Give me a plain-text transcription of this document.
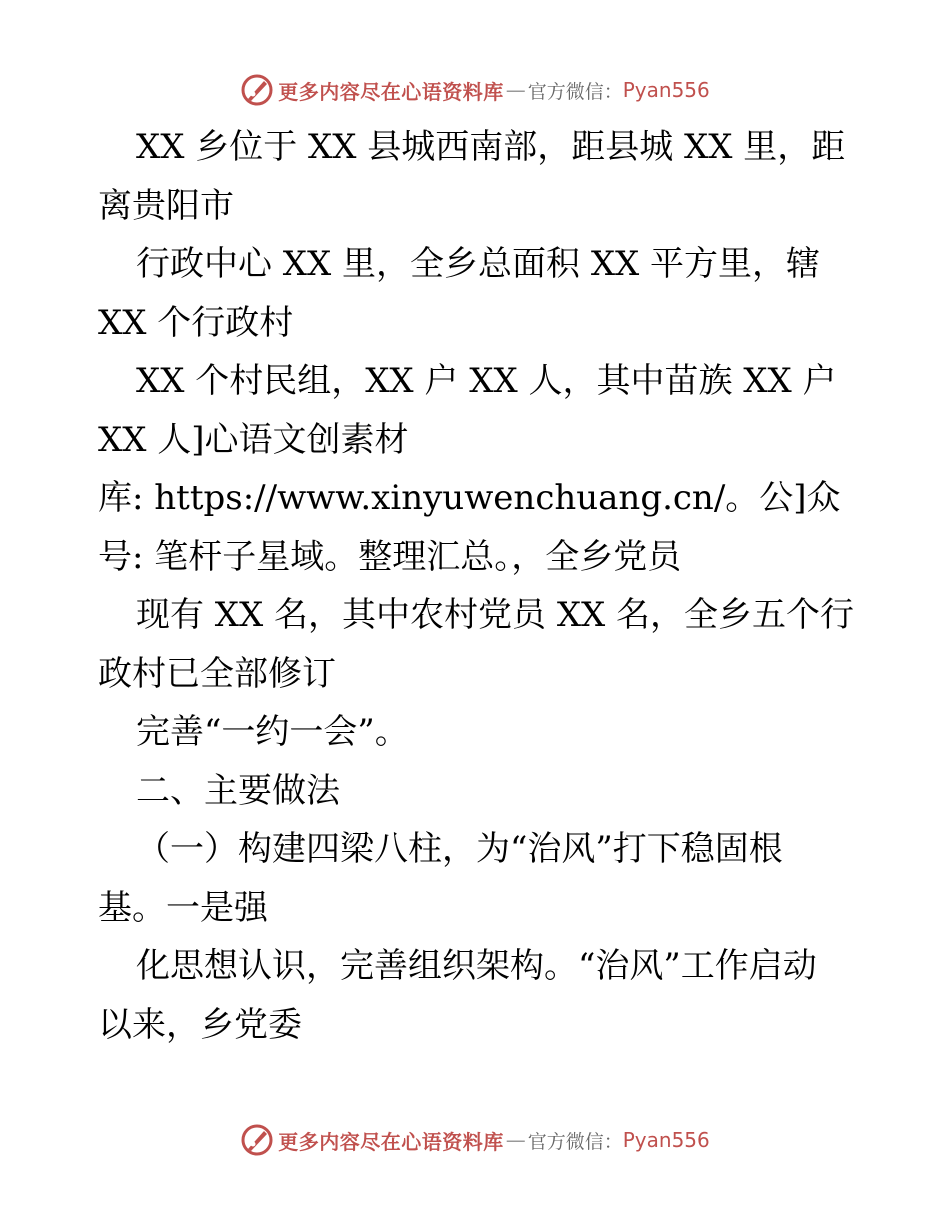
更多内容尽在心语资料库 — 官方微信： Pyan556

XX 乡位于 XX 县城西南部，距县城 XX 里，距

离贵阳市

行政中心 XX 里，全乡总面积 XX 平方里，辖

XX 个行政村

XX 个村民组，XX 户 XX 人，其中苗族 XX 户

XX 人]心语文创素材

库: https://www.xinyuwenchuang.cn/。公]众

号: 笔杆子星域。整理汇总。，全乡党员

现有 XX 名，其中农村党员 XX 名，全乡五个行

政村已全部修订

完善“一约一会”。

二、主要做法

（一）构建四梁八柱，为“治风”打下稳固根

基。一是强

化思想认识，完善组织架构。“治风”工作启动

以来，乡党委

更多内容尽在心语资料库 — 官方微信： Pyan556
